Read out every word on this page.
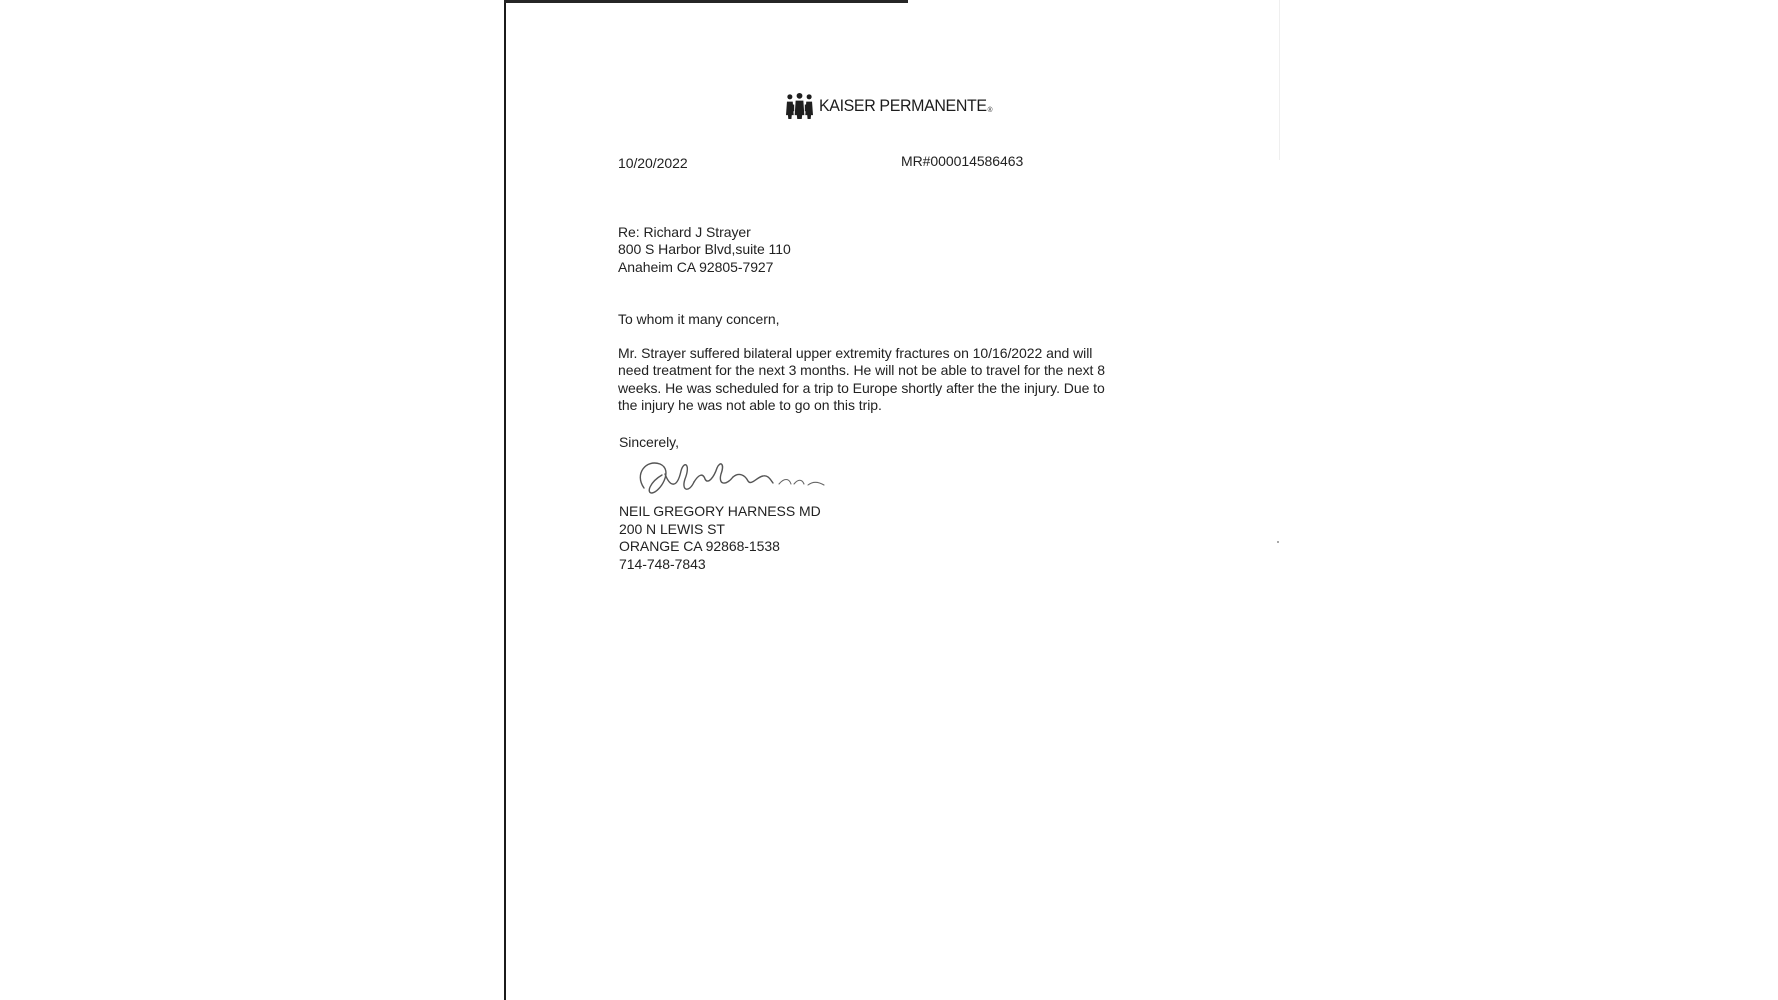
KAISER PERMANENTE ®
10/20/2022	MR#000014586463
Re: Richard J Strayer
800 S Harbor Blvd,suite 110
Anaheim CA 92805-7927
To whom it many concern,
Mr. Strayer suffered bilateral upper extremity fractures on 10/16/2022 and will
need treatment for the next 3 months. He will not be able to travel for the next 8
weeks. He was scheduled for a trip to Europe shortly after the the injury. Due to
the injury he was not able to go on this trip.
Sincerely,
NEIL GREGORY HARNESS MD
200 N LEWIS ST
ORANGE CA 92868-1538
714-748-7843
